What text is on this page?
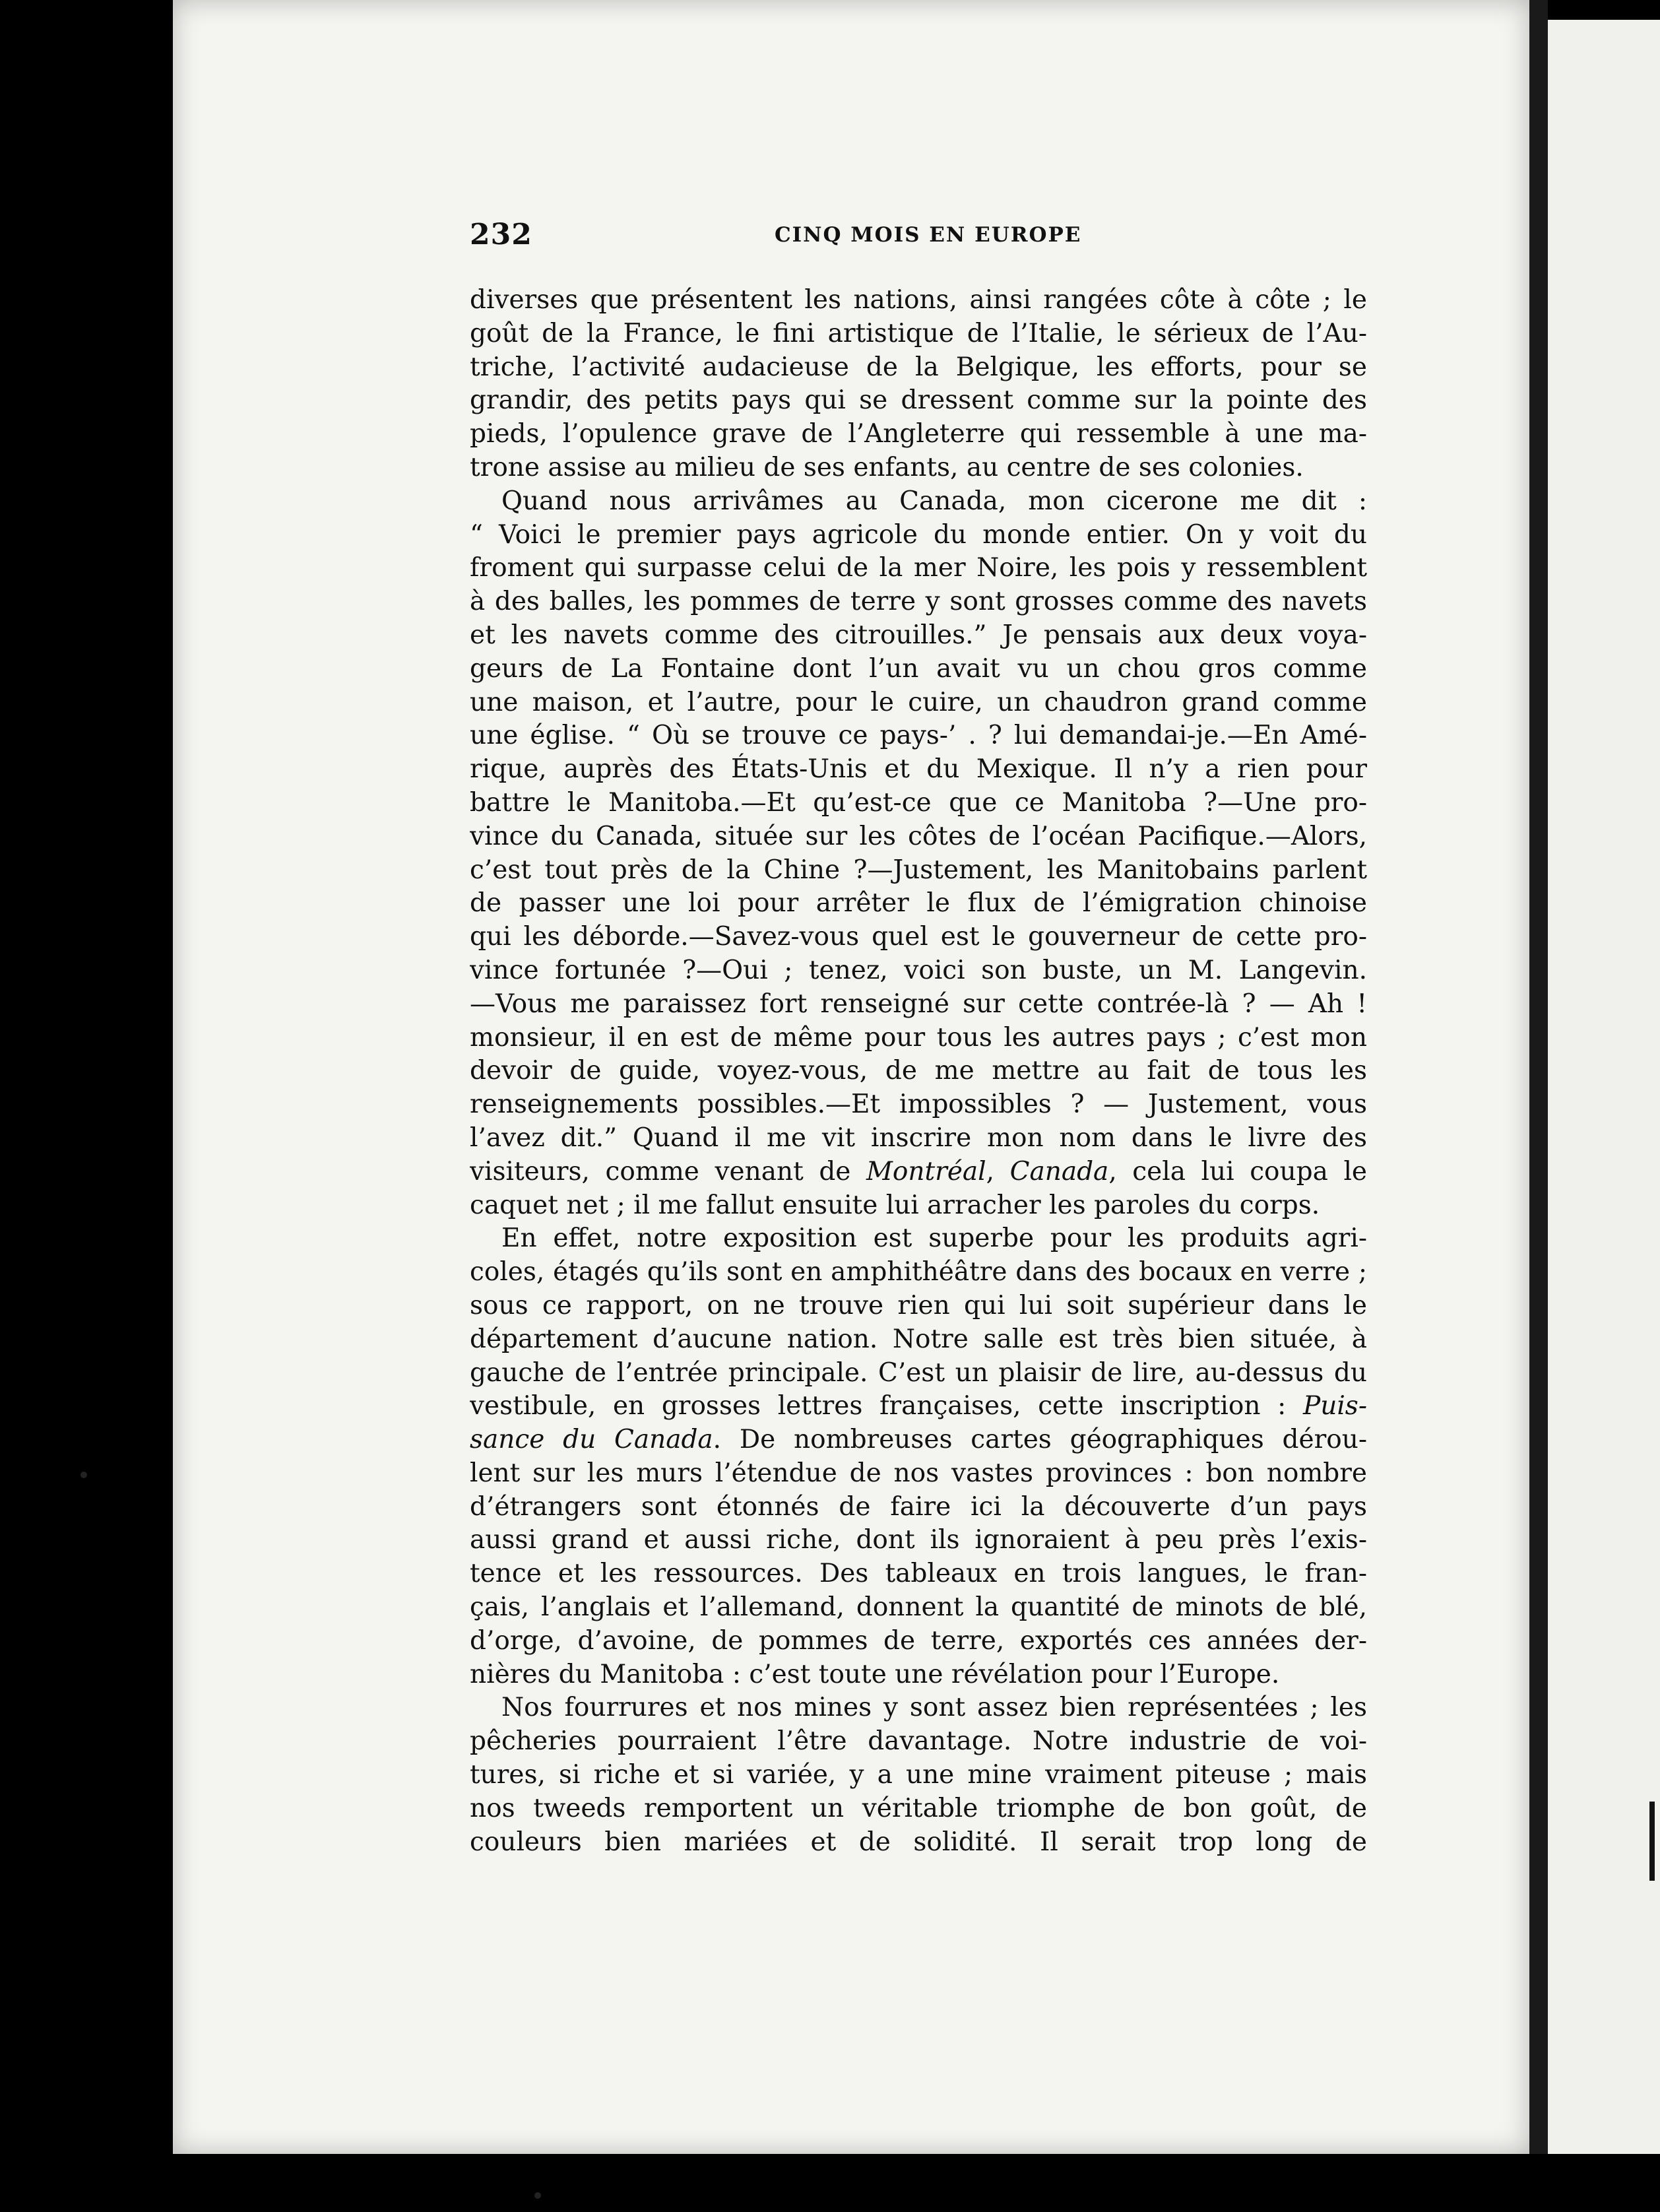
232	CINQ MOIS EN EUROPE
diverses que présentent les nations, ainsi rangées côte à côte ; le
goût de la France, le fini artistique de l’Italie, le sérieux de l’Au-
triche, l’activité audacieuse de la Belgique, les efforts, pour se
grandir, des petits pays qui se dressent comme sur la pointe des
pieds, l’opulence grave de l’Angleterre qui ressemble à une ma-
trone assise au milieu de ses enfants, au centre de ses colonies.
Quand nous arrivâmes au Canada, mon cicerone me dit :
“ Voici le premier pays agricole du monde entier. On y voit du
froment qui surpasse celui de la mer Noire, les pois y ressemblent
à des balles, les pommes de terre y sont grosses comme des navets
et les navets comme des citrouilles.” Je pensais aux deux voya-
geurs de La Fontaine dont l’un avait vu un chou gros comme
une maison, et l’autre, pour le cuire, un chaudron grand comme
une église. “ Où se trouve ce pays-’ . ? lui demandai-je.—En Amé-
rique, auprès des États-Unis et du Mexique. Il n’y a rien pour
battre le Manitoba.—Et qu’est-ce que ce Manitoba ?—Une pro-
vince du Canada, située sur les côtes de l’océan Pacifique.—Alors,
c’est tout près de la Chine ?—Justement, les Manitobains parlent
de passer une loi pour arrêter le flux de l’émigration chinoise
qui les déborde.—Savez-vous quel est le gouverneur de cette pro-
vince fortunée ?—Oui ; tenez, voici son buste, un M. Langevin.
—Vous me paraissez fort renseigné sur cette contrée-là ? — Ah !
monsieur, il en est de même pour tous les autres pays ; c’est mon
devoir de guide, voyez-vous, de me mettre au fait de tous les
renseignements possibles.—Et impossibles ? — Justement, vous
l’avez dit.” Quand il me vit inscrire mon nom dans le livre des
visiteurs, comme venant de Montréal, Canada, cela lui coupa le
caquet net ; il me fallut ensuite lui arracher les paroles du corps.
En effet, notre exposition est superbe pour les produits agri-
coles, étagés qu’ils sont en amphithéâtre dans des bocaux en verre ;
sous ce rapport, on ne trouve rien qui lui soit supérieur dans le
département d’aucune nation. Notre salle est très bien située, à
gauche de l’entrée principale. C’est un plaisir de lire, au-dessus du
vestibule, en grosses lettres françaises, cette inscription : Puis-
sance du Canada. De nombreuses cartes géographiques dérou-
lent sur les murs l’étendue de nos vastes provinces : bon nombre
d’étrangers sont étonnés de faire ici la découverte d’un pays
aussi grand et aussi riche, dont ils ignoraient à peu près l’exis-
tence et les ressources. Des tableaux en trois langues, le fran-
çais, l’anglais et l’allemand, donnent la quantité de minots de blé,
d’orge, d’avoine, de pommes de terre, exportés ces années der-
nières du Manitoba : c’est toute une révélation pour l’Europe.
Nos fourrures et nos mines y sont assez bien représentées ; les
pêcheries pourraient l’être davantage. Notre industrie de voi-
tures, si riche et si variée, y a une mine vraiment piteuse ; mais
nos tweeds remportent un véritable triomphe de bon goût, de
couleurs bien mariées et de solidité. Il serait trop long de
